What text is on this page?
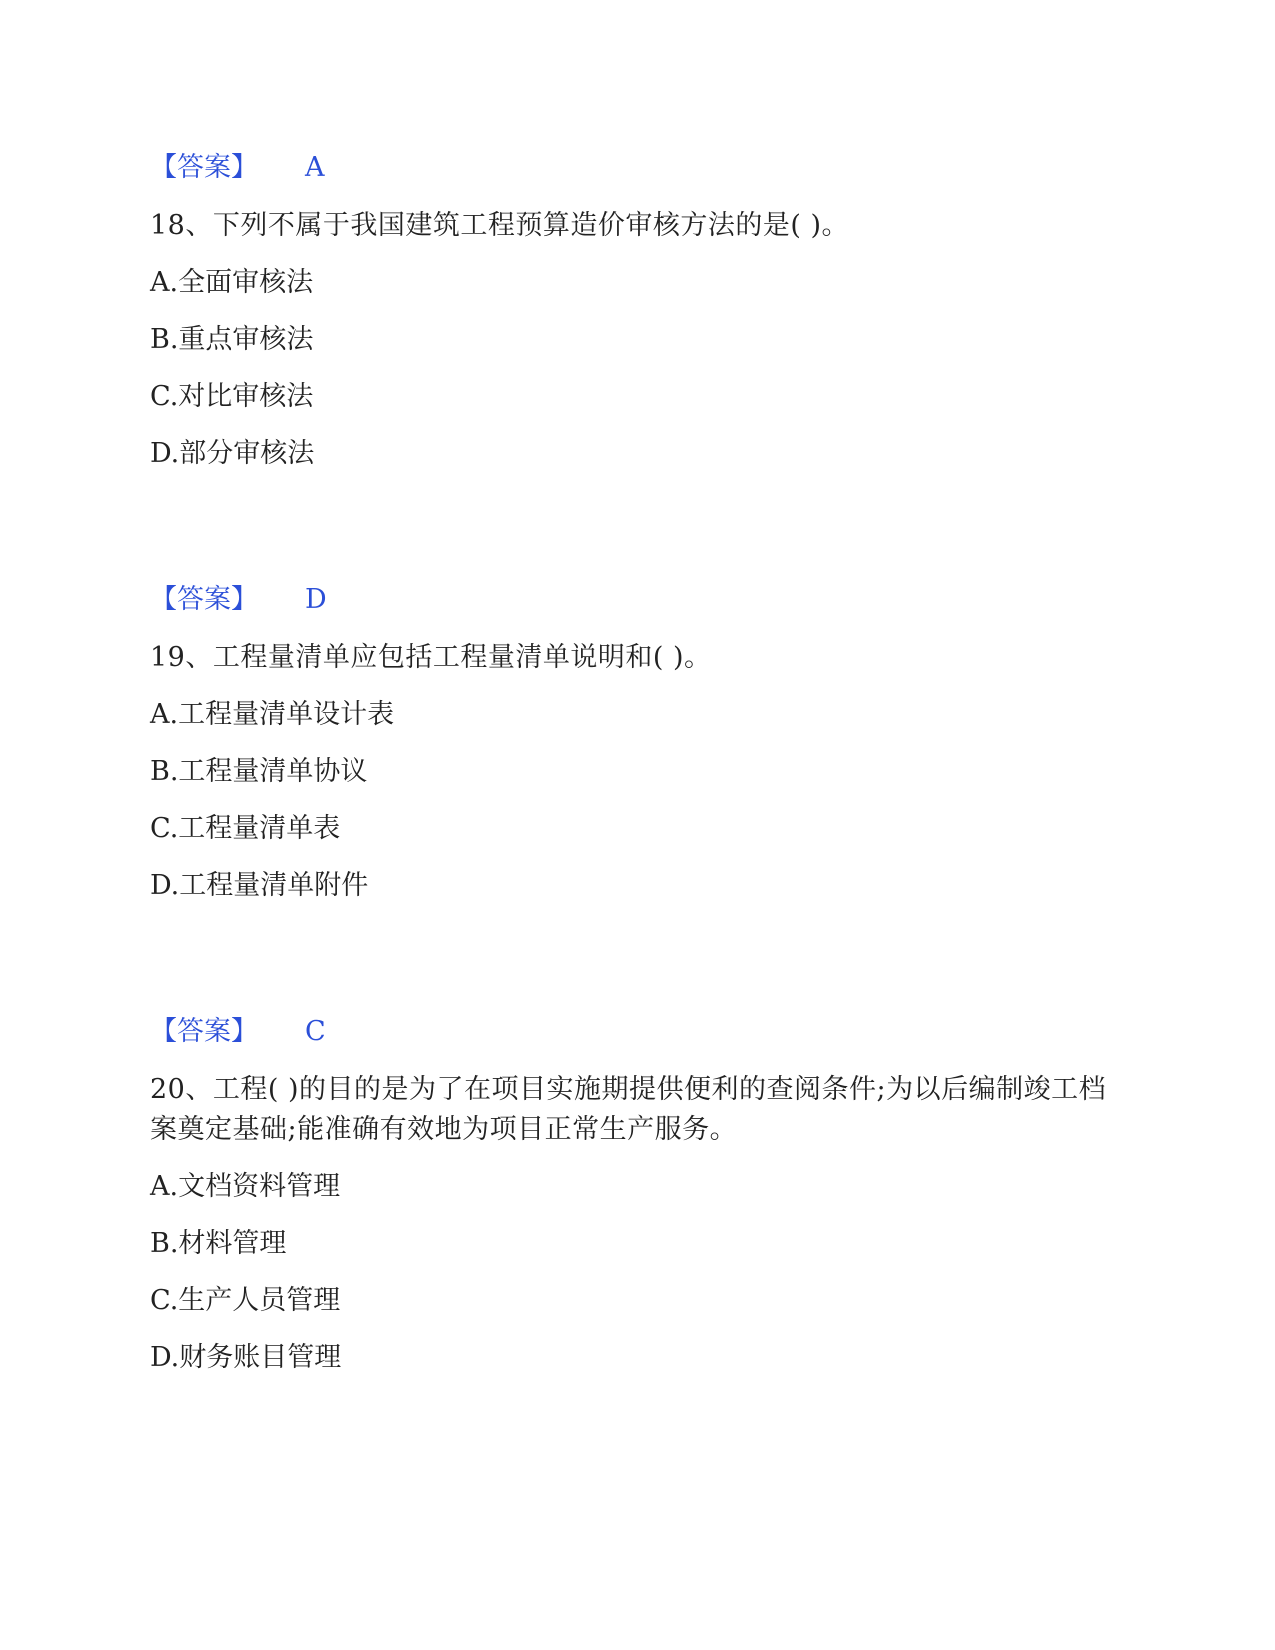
【答案】 A
18、下列不属于我国建筑工程预算造价审核方法的是( )。
A.全面审核法
B.重点审核法
C.对比审核法
D.部分审核法
【答案】 D
19、工程量清单应包括工程量清单说明和( )。
A.工程量清单设计表
B.工程量清单协议
C.工程量清单表
D.工程量清单附件
【答案】 C
20、工程( )的目的是为了在项目实施期提供便利的查阅条件;为以后编制竣工档案奠定基础;能准确有效地为项目正常生产服务。
A.文档资料管理
B.材料管理
C.生产人员管理
D.财务账目管理
